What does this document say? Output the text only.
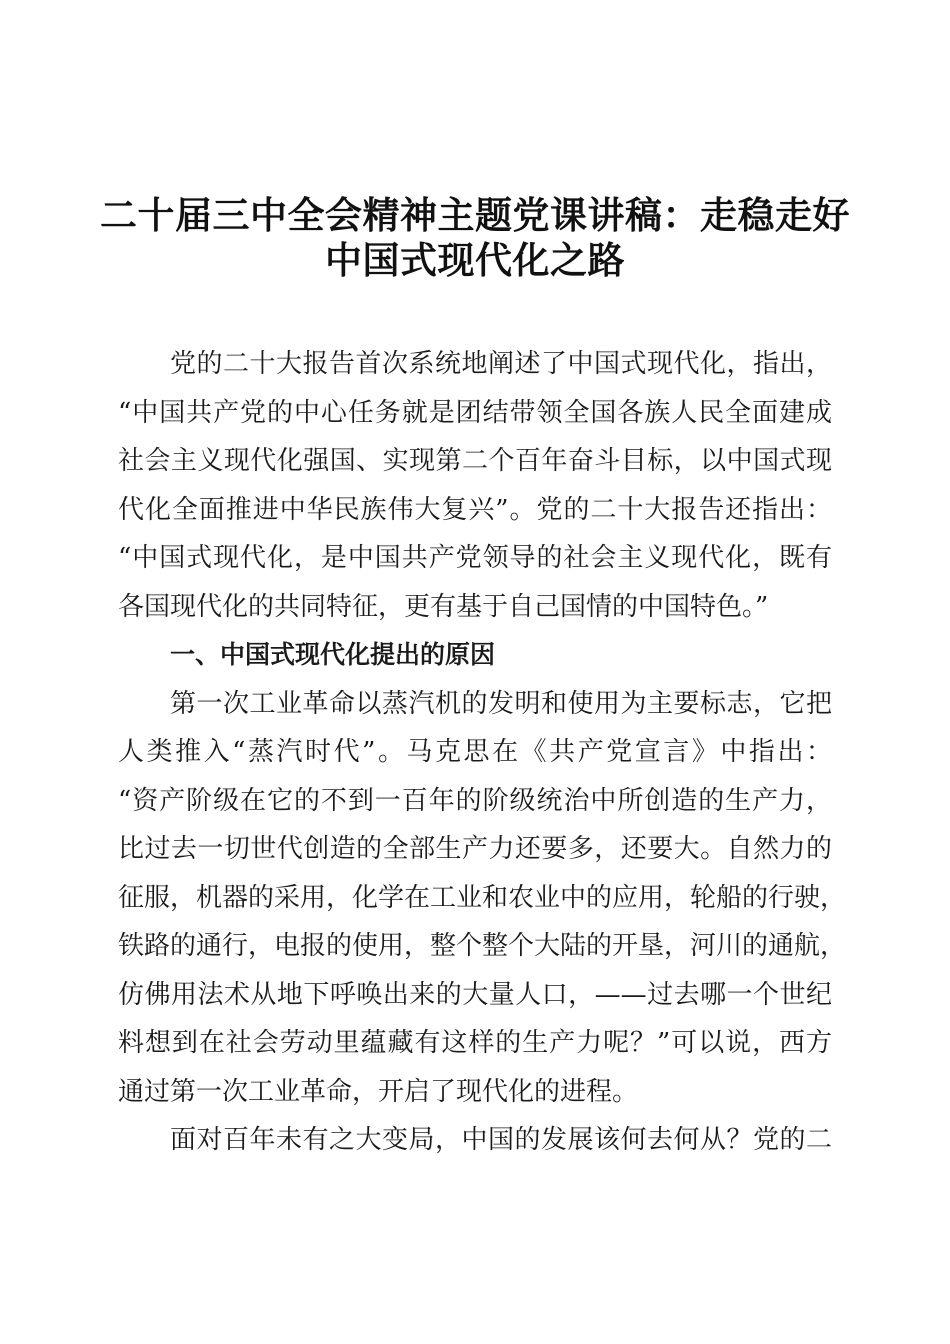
二十届三中全会精神主题党课讲稿：走稳走好
中国式现代化之路
党的二十大报告首次系统地阐述了中国式现代化，指出，
“中国共产党的中心任务就是团结带领全国各族人民全面建成
社会主义现代化强国、实现第二个百年奋斗目标，以中国式现
代化全面推进中华民族伟大复兴”。党的二十大报告还指出：
“中国式现代化，是中国共产党领导的社会主义现代化，既有
各国现代化的共同特征，更有基于自己国情的中国特色。”
一、中国式现代化提出的原因
第一次工业革命以蒸汽机的发明和使用为主要标志，它把
人类推入“蒸汽时代”。马克思在《共产党宣言》中指出：
“资产阶级在它的不到一百年的阶级统治中所创造的生产力，
比过去一切世代创造的全部生产力还要多，还要大。自然力的
征服，机器的采用，化学在工业和农业中的应用，轮船的行驶，
铁路的通行，电报的使用，整个整个大陆的开垦，河川的通航，
仿佛用法术从地下呼唤出来的大量人口，——过去哪一个世纪
料想到在社会劳动里蕴藏有这样的生产力呢？”可以说，西方
通过第一次工业革命，开启了现代化的进程。
面对百年未有之大变局，中国的发展该何去何从？党的二
